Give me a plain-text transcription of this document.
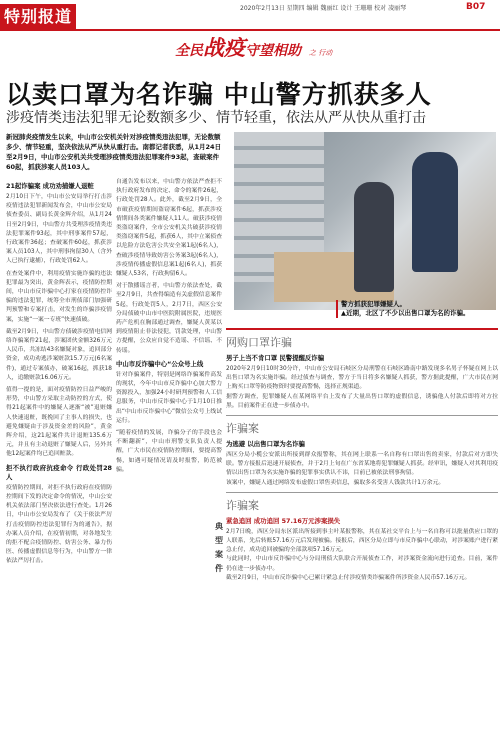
特别报道	2020年2月13日 星期四 编辑 魏丽红 设计 王珊珊 校对 凌丽琴	B07
全民战疫守望相助 之 行动
以卖口罩为名诈骗 中山警方抓获多人
涉疫情类违法犯罪无论数额多少、情节轻重，依法从严从快从重打击
新冠肺炎疫情发生以来，中山市公安机关针对涉疫情类违法犯罪，无论数额多少、情节轻重，坚决依法从严从快从重打击。南都记者获悉，从1月24日至2月9日，中山市公安机关共受理涉疫情类违法犯罪案件93起，查破案件60起，抓获涉案人员103人。
21起诈骗案 成功劝捕嫌人退赃

2月10日下午，中山市公安局举行打击涉疫情违法犯罪新闻发布会，中山市公安局侦查委员、副局长黄金辉介绍，从1月24日至2月9日，中山警方共受理涉疫情类违法犯罪案件93起，其中刑事案件57起，行政案件36起；查破案件60起，抓获涉案人员103人，其中刑事拘留30人（含外人已执行逮捕），行政处罚62人。

在查处案件中，利用疫情实施诈骗的违法犯罪最为突出，黄金辉表示，疫情防控期间，中山市反诈骗中心打家在疫情防控诈骗的违法犯罪，统筹全市刑侦部门加强研判预警和专案打击，对发生的诈骗涉疫情案，实施“一案一专班”快速侦破。

截至2月9日，中山警方侦破涉疫情电信网络诈骗案件21起，涉案团伙金额326万元人民币，共冻结43名嫌疑对象，追回部分资金，成功劝逃涉案赃款15.7万元(6名案件)，通过专案侦办，破案16起，抓获18人，追缴赃款16.06万元。

值得一提的是，面对疫情防控日益严峻的形势，中山警方采取主动防控的方式，使得21起案件中的嫌疑人逐渐“被”退赃嫌人快速退赃，既挽回了主事人的损失，也避免嫌疑由于涉及资金差的风险”，黄金辉介绍，这21起案件共计退赃135.6万元，并且有主动退赃了嫌疑人后，另外其他12起案件均已追回赃款。

拒不执行政府抗疫命令 行政处罚28人

疫情防控期间，对拒不执行政府在疫情防控期间下发的决定命令的情况，中山公安机关依法部门坚决依法进行查处。1月26日，中山市公安局发布了《关于依法严厉打击疫情防控违法犯罪行为的通告》，据办案人员介绍，在疫情初期，对各地发生的拒不配合疫情防控、妨害公务、暴力伤医、传播虚假信息等行为，中山警方一律依法严厉打击。

自通告发布以来，中山警方依法严查拒不执行政府发布的决定、命令的案件26起，行政处罚28人。此外，截至2月9日，全市破获疫情期间盗窃案件6起，抓获涉疫情期间各类案件嫌疑人11人。破获涉疫情类盗窃案件，全市公安机关共破获涉疫情类盗窃案件5起，抓获6人，其中立案侦查以危险方法危害公共安全案1起(6名人)，查破涉疫情导致妨害公务案3起(6名人)，涉疫情传播虚假信息案1起(6名人)，抓获嫌疑人53名，行政拘留6人。

对于散播谣言者，中山警方依法查处，截至2月9日，共查得编造有关虚假信息案件5起，行政处罚5人，2月7日，西区公安分局侦破中山市中医院附属医院，违规医药产危机在胸部通过调查，嫌疑人黄某以到疫情阻止非法侵犯，罚款处理，中山警方提醒，公众应自觉不造谣、不信谣、不传谣。

中山市反诈骗中心“公众号上线

针对诈骗案件，特别是网络诈骗案件高发的现状，今年中山市反诈骗中心加大警力资源投入，加强24小时研判预警和人工信息服务，中山市反诈骗中心于1月10日推出“中山市反诈骗中心”微信公众号上线试运行。

“随着疫情的发展，诈骗分子的手段也会不断翻新”，中山市刑警支队负责人提醒，广大市民在疫情防控期间，要提高警惕，如遇可疑情况请及时报警，防范被骗。

警方抓获犯罪嫌疑人。
▲近期，北区了不少以出售口罩为名的诈骗。
典型案件
网购口罩诈骗
男子上当不肯口罩 民警提醒反诈骗
2020年2月9日10时30分许，中山市公安局石岐区分局刑警在石岐区路南中路发现多名男子怀疑在网上以出售口罩为名实施诈骗。经过侦查与调查，警方于当日将多名嫌疑人抓获，警方据此提醒，广大市民在网上购买口罩等防疫物资时要提高警惕，选择正规渠道。
据警方调查，犯罪嫌疑人在某网络平台上发布了大量出售口罩的虚假信息，诱骗他人付款后即将对方拉黑。目前案件正在进一步侦办中。
诈骗案
为逃避 以出售口罩为名诈骗
西区分局小榄公安派出所接到群众报警称，其在网上联系一名自称有口罩出售的卖家，付款后对方即失联。警方接报后迅速开展侦查，并于2月上旬在广东省某地将犯罪嫌疑人抓获。经审讯，嫌疑人对其利用疫情以出售口罩为名实施诈骗的犯罪事实供认不讳，目前已被依法刑事拘留。
该案中，嫌疑人通过网络发布虚假口罩售卖信息，骗取多名受害人钱款共计1万余元。
诈骗案
紧急追回 成功追回 57.16万元涉案损失
2月7日晚，西区分局东区派出所接到事主叶某报警称，其在某社交平台上与一名自称可以批量供应口罩的人联系，先后转账57.16万元后发现被骗。接报后，西区分局立即与市反诈骗中心联动，对涉案账户进行紧急止付，成功追回被骗的全部款项57.16万元。
与此同时，中山市反诈骗中心与分局刑侦大队联合开展侦查工作，对涉案资金流向进行追查。目前，案件仍在进一步侦办中。
截至2月9日，中山市反诈骗中心已累计紧急止付涉疫情类诈骗案件所涉资金人民币57.16万元。
